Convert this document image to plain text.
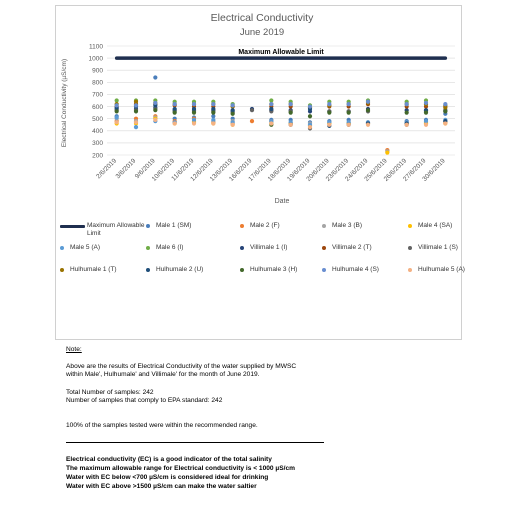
Electrical Conductivity
June 2019
Electrical Conductivity (µS/cm)
Date
200
300
400
500
600
700
800
900
1000
1100
2/6/2019
3/6/2019
9/6/2019
10/6/2019
11/6/2019
12/6/2019
13/6/2019
16/6/2019
17/6/2019
18/6/2019
19/6/2019
20/6/2019
23/6/2019
24/6/2019
25/6/2019
26/6/2019
27/6/2019
30/6/2019
Maximum Allowable Limit
Maximum Allowable Limit
Male 1 (SM)	Male 2 (F)	Male 3 (B)	Male 4 (SA)
Male 5 (A)	Male 6 (I)	Villimale 1 (I)	Villimale 2 (T)	Villimale 1 (S)
Hulhumale 1 (T)	Hulhumale 2 (U)	Hulhumale 3 (H)	Hulhumale 4 (S)	Hulhumale 5 (A)
Note:
Above are the results of Electrical Conductivity of the water supplied by MWSC
within Male', Hulhumale' and Villimale' for the month of June 2019.
Total Number of samples: 242
Number of samples that comply to EPA standard: 242
100% of the samples tested were within the recommended range.
Electrical conductivity (EC) is a good indicator of the total salinity
The maximum allowable range for Electrical conductivity is < 1000 µS/cm
Water with EC below <700 µS/cm is considered ideal for drinking
Water with EC above >1500 µS/cm can make the water saltier
